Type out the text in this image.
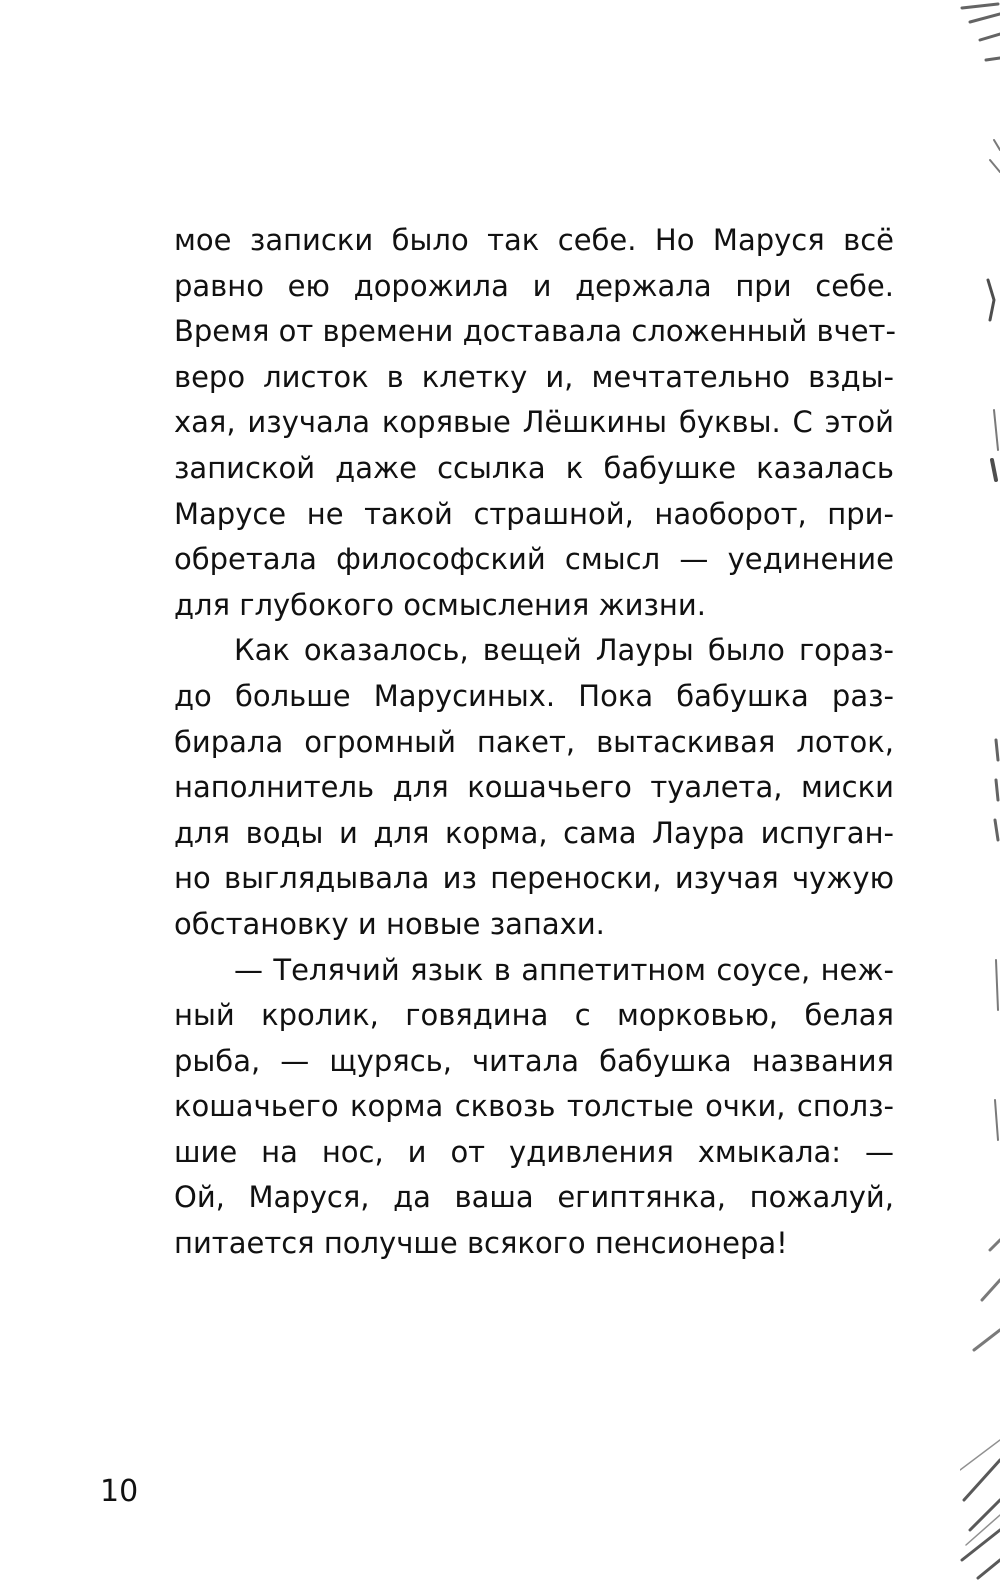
мое записки было так себе. Но Маруся всё
равно ею дорожила и держала при себе.
Время от времени доставала сложенный вчет-
веро листок в клетку и, мечтательно взды-
хая, изучала корявые Лёшкины буквы. С этой
запиской даже ссылка к бабушке казалась
Марусе не такой страшной, наоборот, при-
обретала философский смысл — уединение
для глубокого осмысления жизни.
Как оказалось, вещей Лауры было гораз-
до больше Марусиных. Пока бабушка раз-
бирала огромный пакет, вытаскивая лоток,
наполнитель для кошачьего туалета, миски
для воды и для корма, сама Лаура испуган-
но выглядывала из переноски, изучая чужую
обстановку и новые запахи.
— Телячий язык в аппетитном соусе, неж-
ный кролик, говядина с морковью, белая
рыба, — щурясь, читала бабушка названия
кошачьего корма сквозь толстые очки, сполз-
шие на нос, и от удивления хмыкала: —
Ой, Маруся, да ваша египтянка, пожалуй,
питается получше всякого пенсионера!
10
